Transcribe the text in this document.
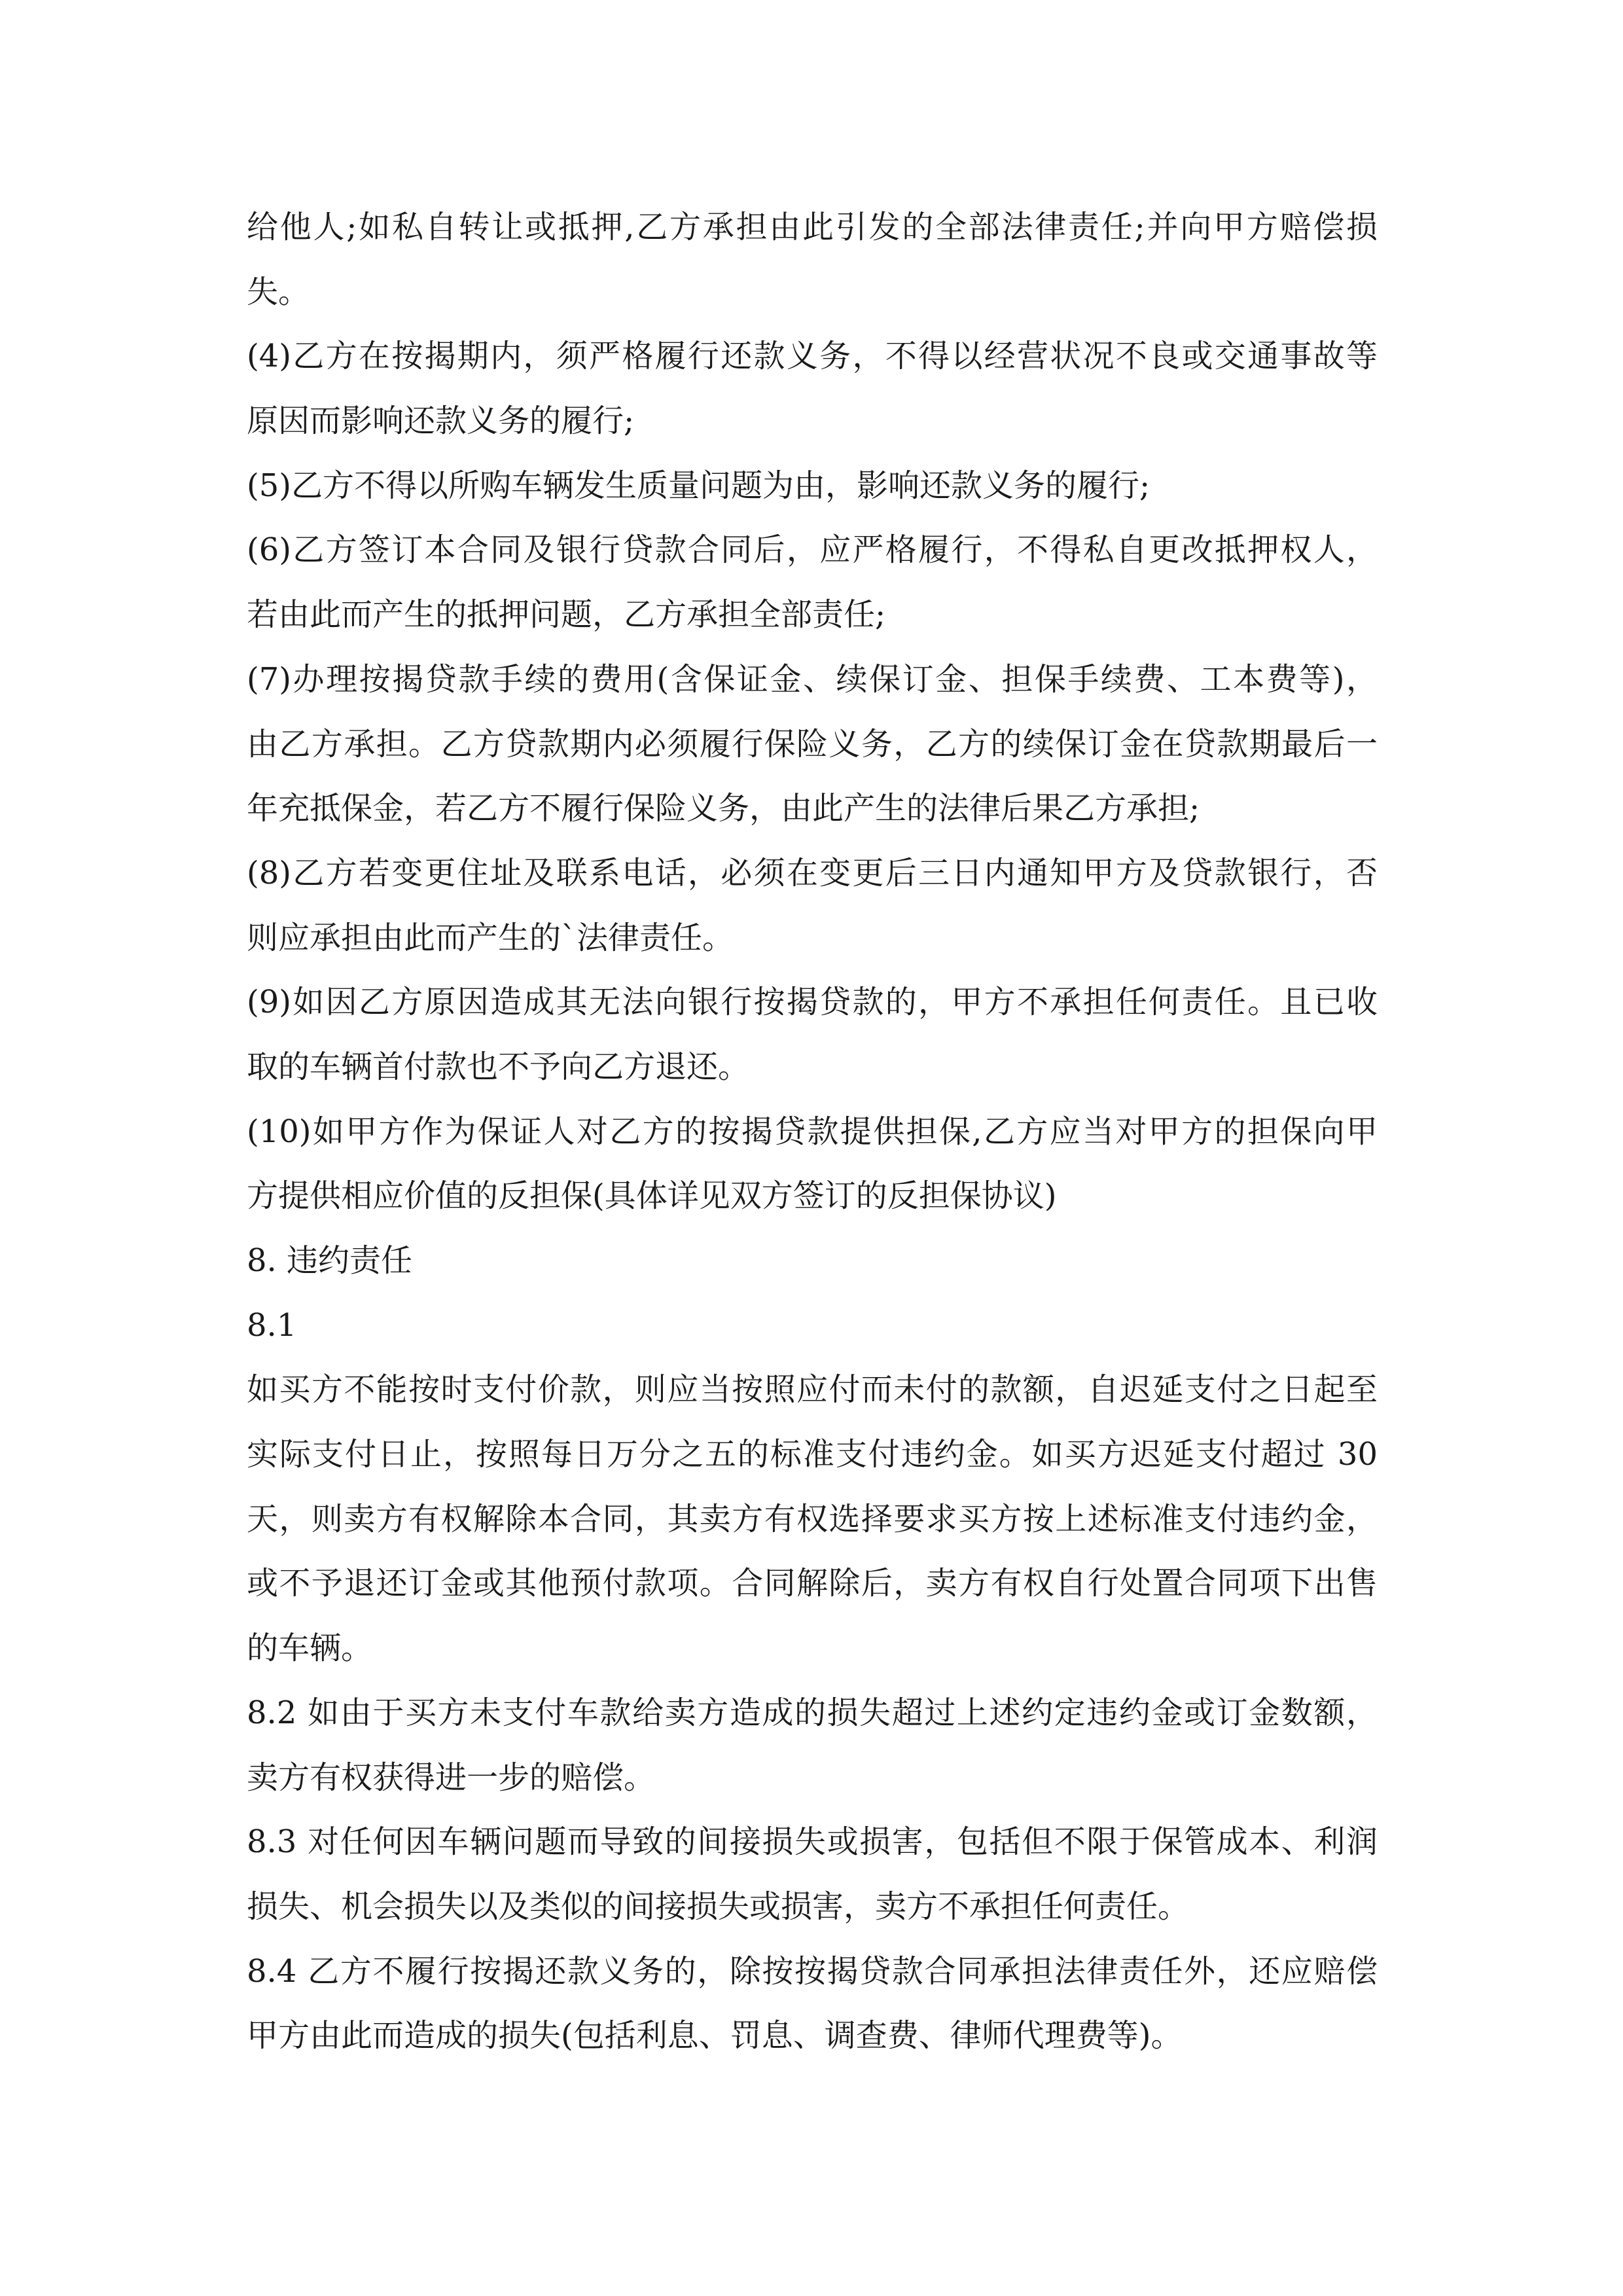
给他人;如私自转让或抵押,乙方承担由此引发的全部法律责任;并向甲方赔偿损
失。
(4)乙方在按揭期内，须严格履行还款义务，不得以经营状况不良或交通事故等
原因而影响还款义务的履行;
(5)乙方不得以所购车辆发生质量问题为由，影响还款义务的履行;
(6)乙方签订本合同及银行贷款合同后，应严格履行，不得私自更改抵押权人，
若由此而产生的抵押问题，乙方承担全部责任;
(7)办理按揭贷款手续的费用(含保证金、续保订金、担保手续费、工本费等)，
由乙方承担。乙方贷款期内必须履行保险义务，乙方的续保订金在贷款期最后一
年充抵保金，若乙方不履行保险义务，由此产生的法律后果乙方承担;
(8)乙方若变更住址及联系电话，必须在变更后三日内通知甲方及贷款银行，否
则应承担由此而产生的`法律责任。
(9)如因乙方原因造成其无法向银行按揭贷款的，甲方不承担任何责任。且已收
取的车辆首付款也不予向乙方退还。
(10)如甲方作为保证人对乙方的按揭贷款提供担保,乙方应当对甲方的担保向甲
方提供相应价值的反担保(具体详见双方签订的反担保协议)
8. 违约责任
8.1
如买方不能按时支付价款，则应当按照应付而未付的款额，自迟延支付之日起至
实际支付日止，按照每日万分之五的标准支付违约金。如买方迟延支付超过 30
天，则卖方有权解除本合同，其卖方有权选择要求买方按上述标准支付违约金，
或不予退还订金或其他预付款项。合同解除后，卖方有权自行处置合同项下出售
的车辆。
8.2 如由于买方未支付车款给卖方造成的损失超过上述约定违约金或订金数额，
卖方有权获得进一步的赔偿。
8.3 对任何因车辆问题而导致的间接损失或损害，包括但不限于保管成本、利润
损失、机会损失以及类似的间接损失或损害，卖方不承担任何责任。
8.4 乙方不履行按揭还款义务的，除按按揭贷款合同承担法律责任外，还应赔偿
甲方由此而造成的损失(包括利息、罚息、调查费、律师代理费等)。
